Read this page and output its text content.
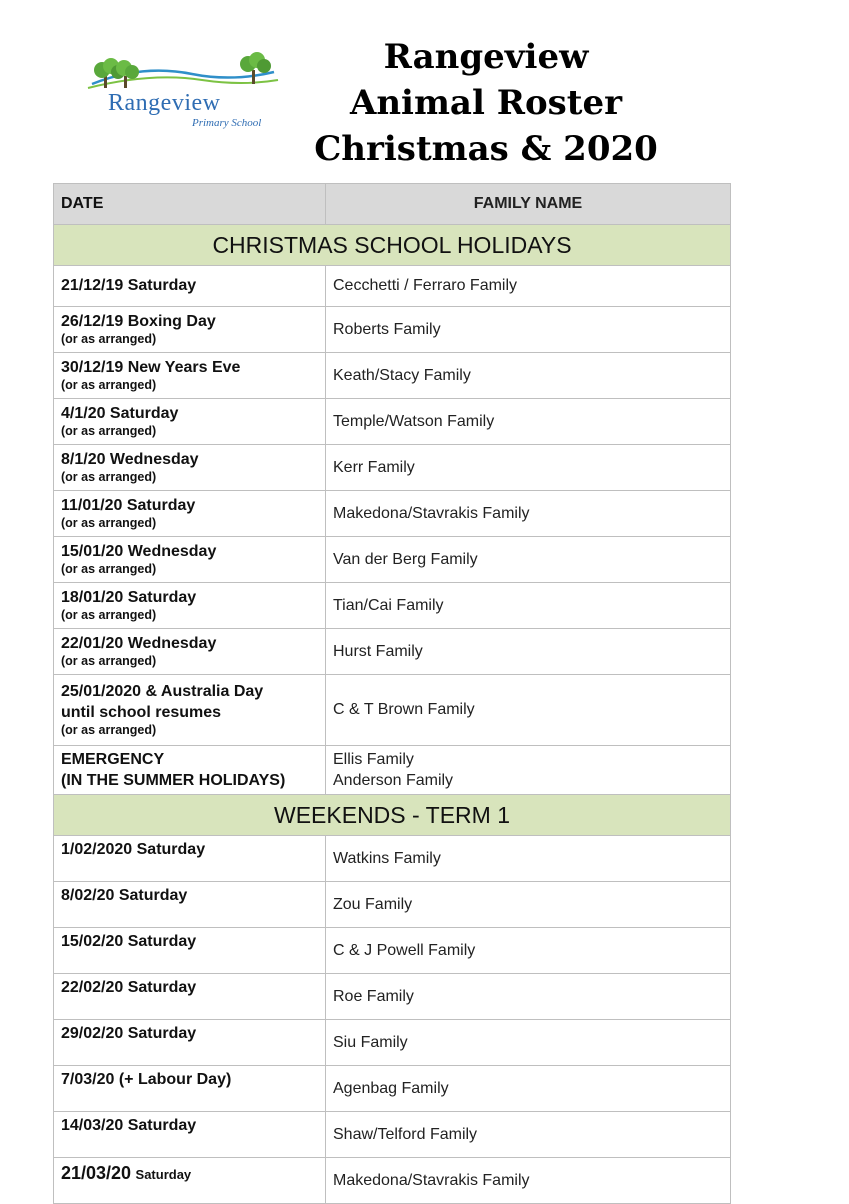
Rangeview
Primary School
Rangeview
Animal Roster
Christmas & 2020
DATE	FAMILY NAME
CHRISTMAS SCHOOL HOLIDAYS	
21/12/19 Saturday	Cecchetti / Ferraro Family

26/12/19 Boxing Day
(or as arranged)	Roberts Family

30/12/19 New Years Eve
(or as arranged)	Keath/Stacy Family

4/1/20 Saturday
(or as arranged)	Temple/Watson Family

8/1/20 Wednesday
(or as arranged)	Kerr Family

11/01/20 Saturday
(or as arranged)	Makedona/Stavrakis Family

15/01/20 Wednesday
(or as arranged)	Van der Berg Family

18/01/20 Saturday
(or as arranged)	Tian/Cai Family

22/01/20 Wednesday
(or as arranged)	Hurst Family

25/01/2020 & Australia Day
until school resumes
(or as arranged)	C & T Brown Family

EMERGENCY
(IN THE SUMMER HOLIDAYS)	Ellis Family
Anderson Family

WEEKENDS - TERM 1	
1/02/2020 Saturday	Watkins Family
8/02/20 Saturday	Zou Family
15/02/20 Saturday	C & J Powell Family
22/02/20 Saturday	Roe Family
29/02/20 Saturday	Siu Family
7/03/20 (+ Labour Day)	Agenbag Family
14/03/20 Saturday	Shaw/Telford Family
21/03/20 Saturday	Makedona/Stavrakis Family
